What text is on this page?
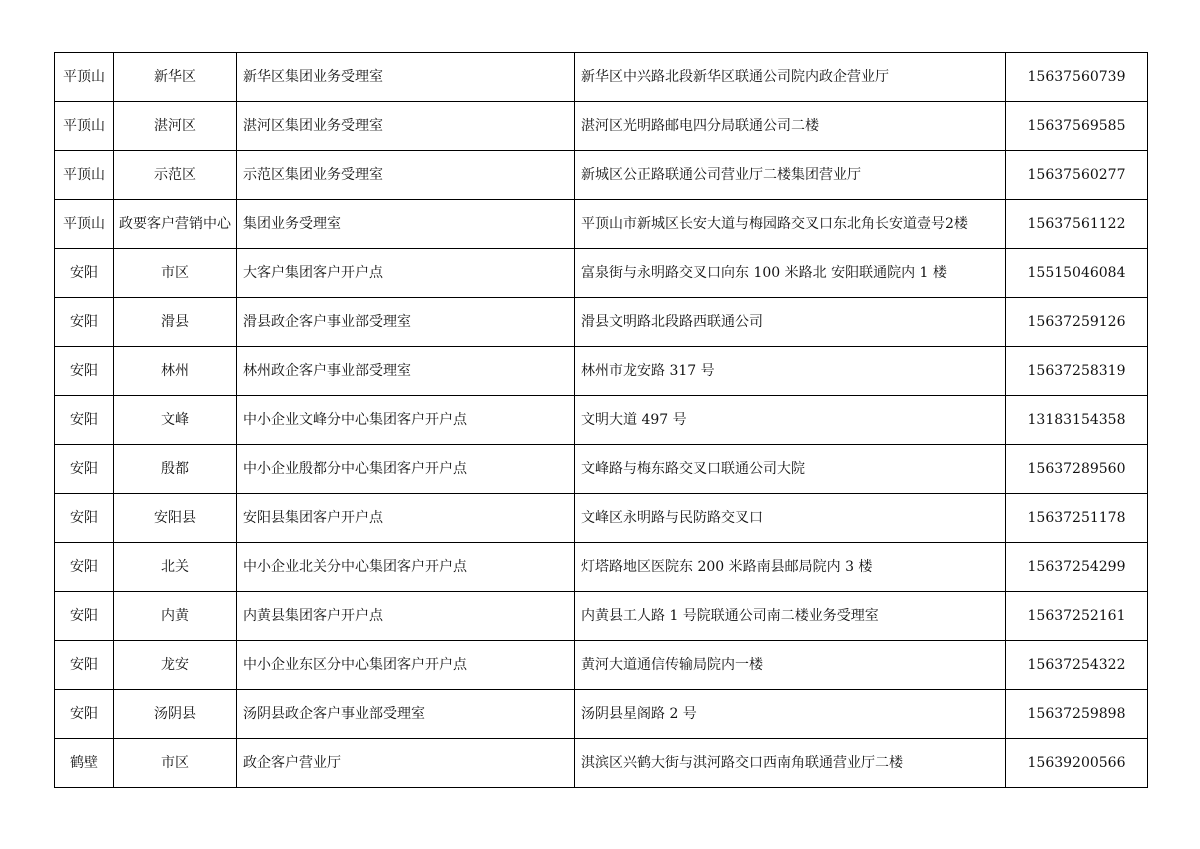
平顶山	新华区	新华区集团业务受理室	新华区中兴路北段新华区联通公司院内政企营业厅	15637560739
平顶山	湛河区	湛河区集团业务受理室	湛河区光明路邮电四分局联通公司二楼	15637569585
平顶山	示范区	示范区集团业务受理室	新城区公正路联通公司营业厅二楼集团营业厅	15637560277
平顶山	政要客户营销中心	集团业务受理室	平顶山市新城区长安大道与梅园路交叉口东北角长安道壹号2楼	15637561122
安阳	市区	大客户集团客户开户点	富泉街与永明路交叉口向东 100 米路北 安阳联通院内 1 楼	15515046084
安阳	滑县	滑县政企客户事业部受理室	滑县文明路北段路西联通公司	15637259126
安阳	林州	林州政企客户事业部受理室	林州市龙安路 317 号	15637258319
安阳	文峰	中小企业文峰分中心集团客户开户点	文明大道 497 号	13183154358
安阳	殷都	中小企业殷都分中心集团客户开户点	文峰路与梅东路交叉口联通公司大院	15637289560
安阳	安阳县	安阳县集团客户开户点	文峰区永明路与民防路交叉口	15637251178
安阳	北关	中小企业北关分中心集团客户开户点	灯塔路地区医院东 200 米路南县邮局院内 3 楼	15637254299
安阳	内黄	内黄县集团客户开户点	内黄县工人路 1 号院联通公司南二楼业务受理室	15637252161
安阳	龙安	中小企业东区分中心集团客户开户点	黄河大道通信传输局院内一楼	15637254322
安阳	汤阴县	汤阴县政企客户事业部受理室	汤阴县星阁路 2 号	15637259898
鹤壁	市区	政企客户营业厅	淇滨区兴鹤大街与淇河路交口西南角联通营业厅二楼	15639200566
